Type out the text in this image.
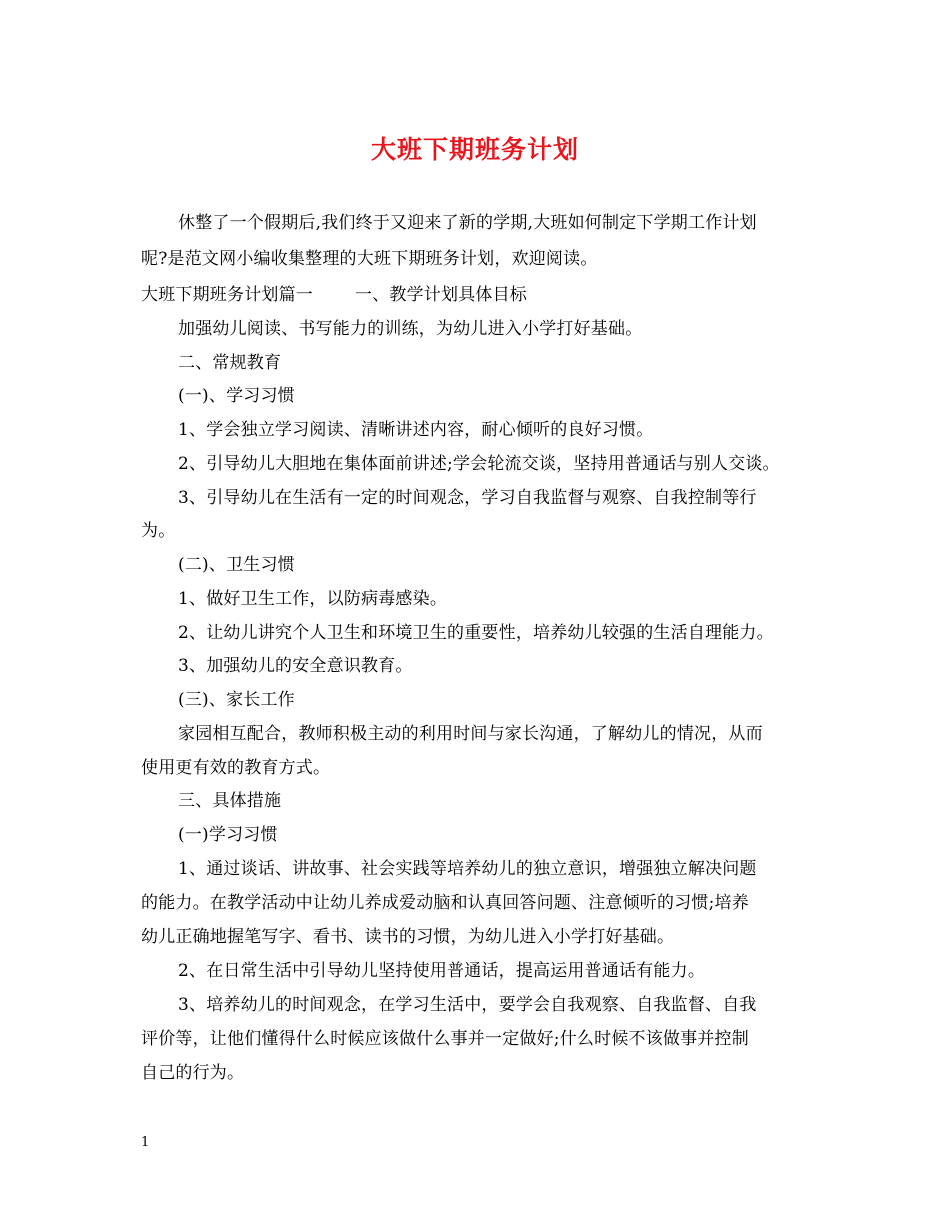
大班下期班务计划
休整了一个假期后,我们终于又迎来了新的学期,大班如何制定下学期工作计划
呢?是范文网小编收集整理的大班下期班务计划，欢迎阅读。
大班下期班务计划篇一 一、教学计划具体目标
加强幼儿阅读、书写能力的训练，为幼儿进入小学打好基础。
二、常规教育
(一)、学习习惯
1、学会独立学习阅读、清晰讲述内容，耐心倾听的良好习惯。
2、引导幼儿大胆地在集体面前讲述;学会轮流交谈，坚持用普通话与别人交谈。
3、引导幼儿在生活有一定的时间观念，学习自我监督与观察、自我控制等行
为。
(二)、卫生习惯
1、做好卫生工作，以防病毒感染。
2、让幼儿讲究个人卫生和环境卫生的重要性，培养幼儿较强的生活自理能力。
3、加强幼儿的安全意识教育。
(三)、家长工作
家园相互配合，教师积极主动的利用时间与家长沟通，了解幼儿的情况，从而
使用更有效的教育方式。
三、具体措施
(一)学习习惯
1、通过谈话、讲故事、社会实践等培养幼儿的独立意识，增强独立解决问题
的能力。在教学活动中让幼儿养成爱动脑和认真回答问题、注意倾听的习惯;培养
幼儿正确地握笔写字、看书、读书的习惯，为幼儿进入小学打好基础。
2、在日常生活中引导幼儿坚持使用普通话，提高运用普通话有能力。
3、培养幼儿的时间观念，在学习生活中，要学会自我观察、自我监督、自我
评价等，让他们懂得什么时候应该做什么事并一定做好;什么时候不该做事并控制
自己的行为。
1
